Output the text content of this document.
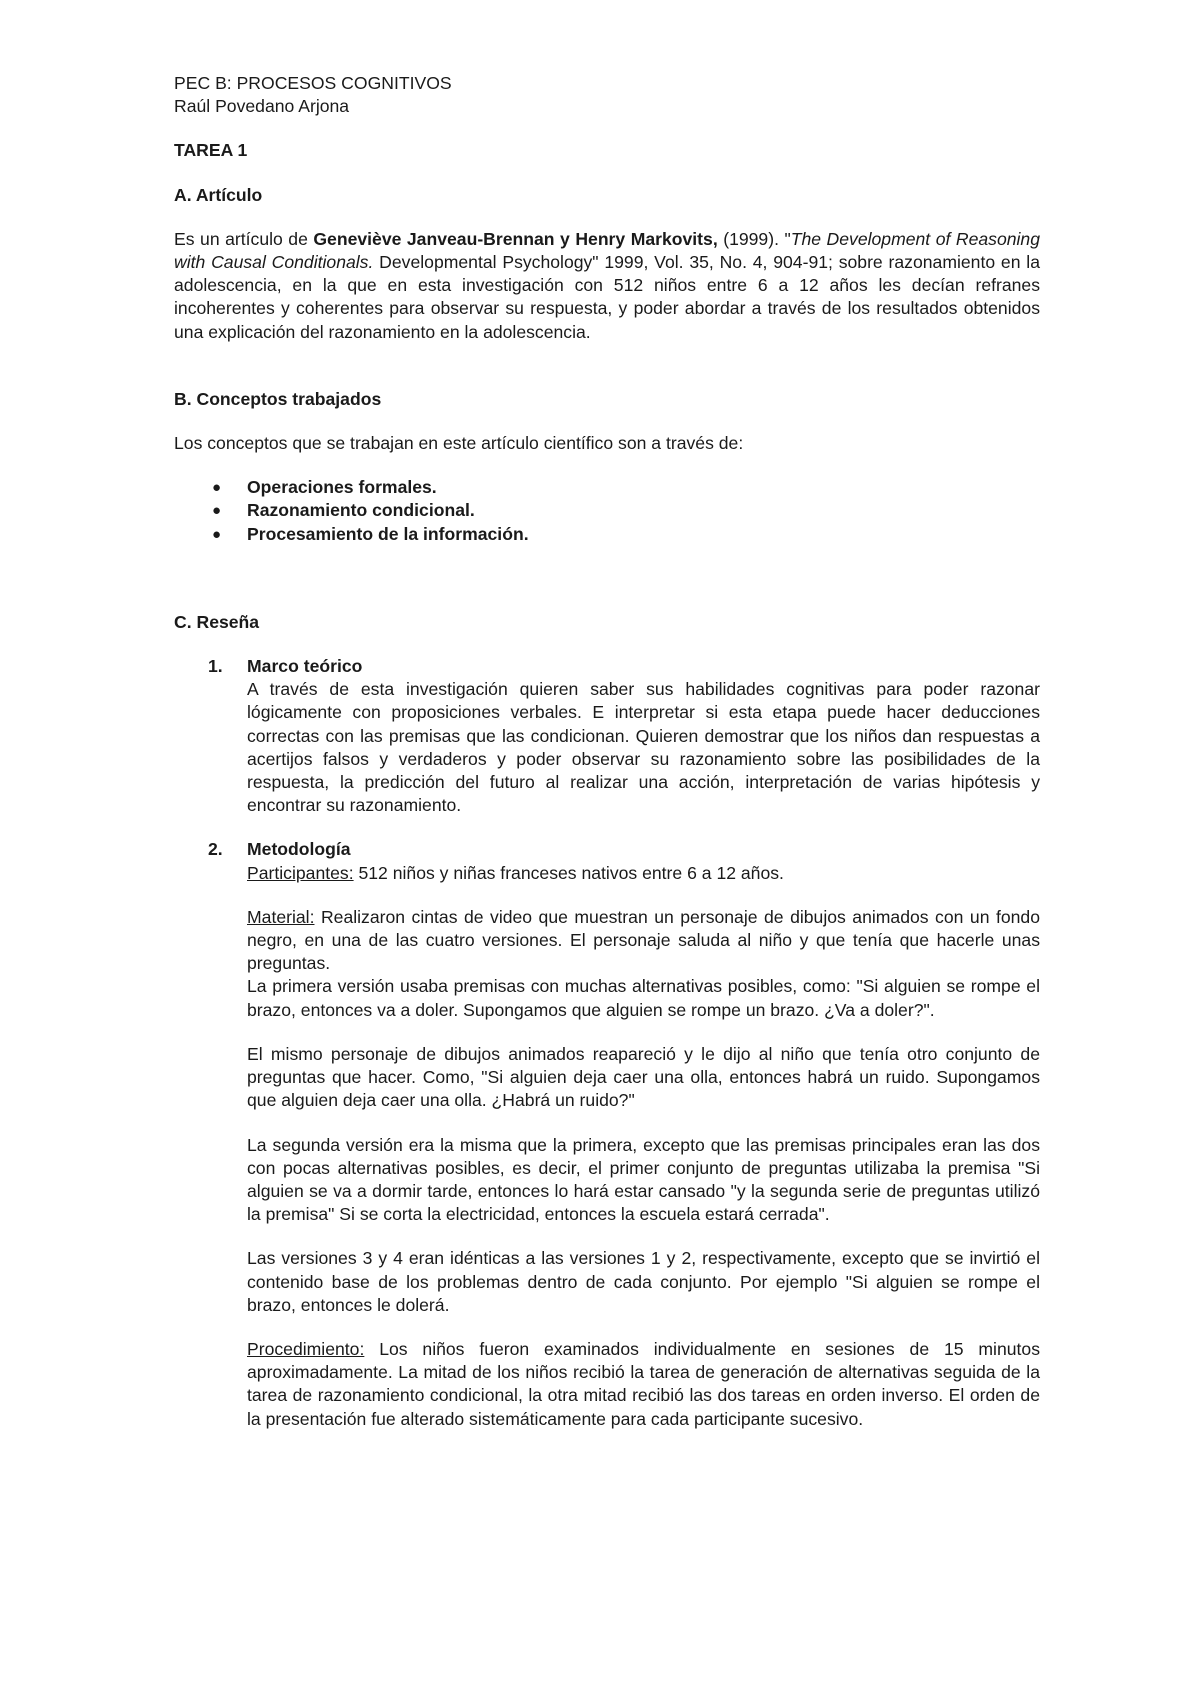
PEC B: PROCESOS COGNITIVOS

Raúl Povedano Arjona

TAREA 1

A. Artículo

Es un artículo de Geneviève Janveau-Brennan y Henry Markovits, (1999). "The Development of Reasoning with Causal Conditionals. Developmental Psychology" 1999, Vol. 35, No. 4, 904-91; sobre razonamiento en la adolescencia, en la que en esta investigación con 512 niños entre 6 a 12 años les decían refranes incoherentes y coherentes para observar su respuesta, y poder abordar a través de los resultados obtenidos una explicación del razonamiento en la adolescencia.

B. Conceptos trabajados

Los conceptos que se trabajan en este artículo científico son a través de:

● Operaciones formales.
● Razonamiento condicional.
● Procesamiento de la información.

C. Reseña

1. Marco teórico

A través de esta investigación quieren saber sus habilidades cognitivas para poder razonar lógicamente con proposiciones verbales. E interpretar si esta etapa puede hacer deducciones correctas con las premisas que las condicionan. Quieren demostrar que los niños dan respuestas a acertijos falsos y verdaderos y poder observar su razonamiento sobre las posibilidades de la respuesta, la predicción del futuro al realizar una acción, interpretación de varias hipótesis y encontrar su razonamiento.

2. Metodología

Participantes: 512 niños y niñas franceses nativos entre 6 a 12 años.

Material: Realizaron cintas de video que muestran un personaje de dibujos animados con un fondo negro, en una de las cuatro versiones. El personaje saluda al niño y que tenía que hacerle unas preguntas.

La primera versión usaba premisas con muchas alternativas posibles, como: "Si alguien se rompe el brazo, entonces va a doler. Supongamos que alguien se rompe un brazo. ¿Va a doler?".

El mismo personaje de dibujos animados reapareció y le dijo al niño que tenía otro conjunto de preguntas que hacer. Como, "Si alguien deja caer una olla, entonces habrá un ruido. Supongamos que alguien deja caer una olla. ¿Habrá un ruido?"

La segunda versión era la misma que la primera, excepto que las premisas principales eran las dos con pocas alternativas posibles, es decir, el primer conjunto de preguntas utilizaba la premisa "Si alguien se va a dormir tarde, entonces lo hará estar cansado "y la segunda serie de preguntas utilizó la premisa" Si se corta la electricidad, entonces la escuela estará cerrada".

Las versiones 3 y 4 eran idénticas a las versiones 1 y 2, respectivamente, excepto que se invirtió el contenido base de los problemas dentro de cada conjunto. Por ejemplo "Si alguien se rompe el brazo, entonces le dolerá.

Procedimiento: Los niños fueron examinados individualmente en sesiones de 15 minutos aproximadamente. La mitad de los niños recibió la tarea de generación de alternativas seguida de la tarea de razonamiento condicional, la otra mitad recibió las dos tareas en orden inverso. El orden de la presentación fue alterado sistemáticamente para cada participante sucesivo.
